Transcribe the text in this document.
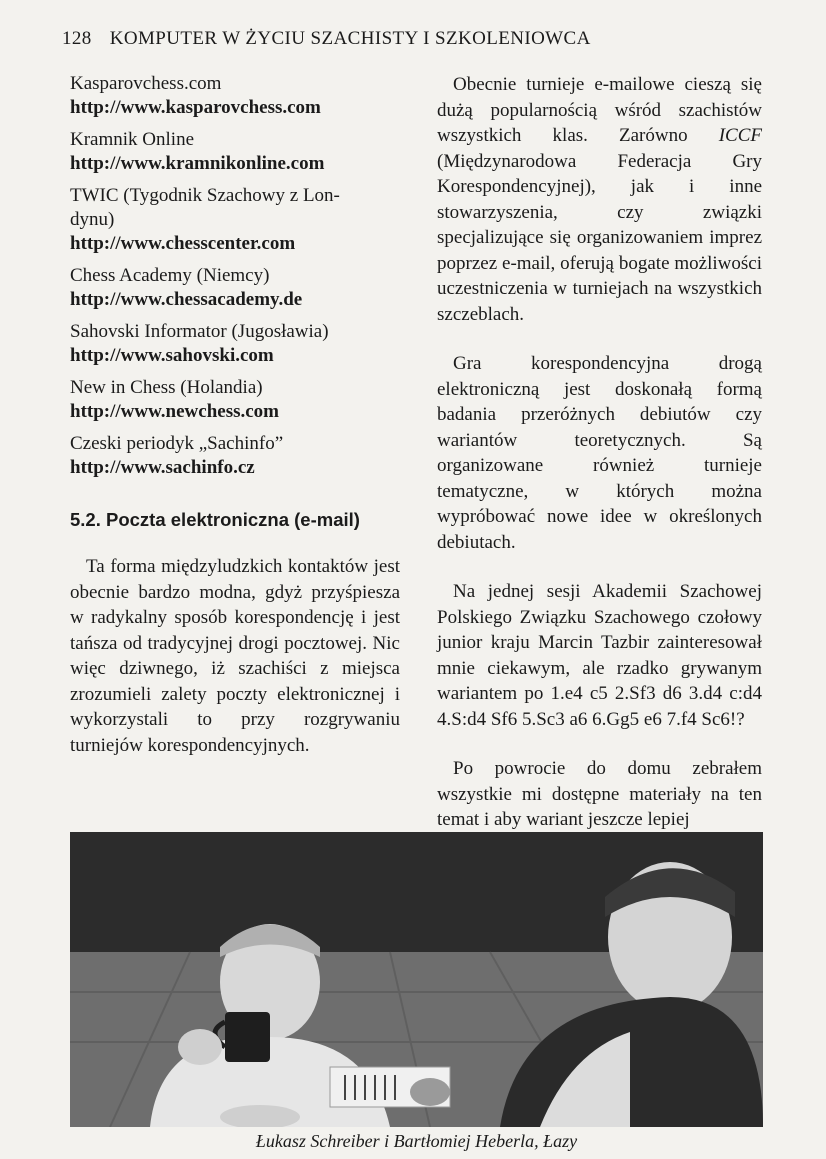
128 KOMPUTER W ŻYCIU SZACHISTY I SZKOLENIOWCA
Kasparovchess.com
http://www.kasparovchess.com
Kramnik Online
http://www.kramnikonline.com
TWIC (Tygodnik Szachowy z Lon-dynu)
http://www.chesscenter.com
Chess Academy (Niemcy)
http://www.chessacademy.de
Sahovski Informator (Jugosławia)
http://www.sahovski.com
New in Chess (Holandia)
http://www.newchess.com
Czeski periodyk „Sachinfo”
http://www.sachinfo.cz
5.2. Poczta elektroniczna (e-mail)

Ta forma międzyludzkich kontaktów jest obecnie bardzo modna, gdyż przyśpiesza w radykalny sposób korespondencję i jest tańsza od tradycyjnej drogi pocztowej. Nic więc dziwnego, iż szachiści z miejsca zrozumieli zalety poczty elektronicznej i wykorzystali to przy rozgrywaniu turniejów korespondencyjnych.

Obecnie turnieje e-mailowe cieszą się dużą popularnością wśród szachistów wszystkich klas. Zarówno ICCF (Międzynarodowa Federacja Gry Korespondencyjnej), jak i inne stowarzyszenia, czy związki specjalizujące się organizowaniem imprez poprzez e-mail, oferują bogate możliwości uczestniczenia w turniejach na wszystkich szczeblach.

Gra korespondencyjna drogą elektroniczną jest doskonałą formą badania przeróżnych debiutów czy wariantów teoretycznych. Są organizowane również turnieje tematyczne, w których można wypróbować nowe idee w określonych debiutach.

Na jednej sesji Akademii Szachowej Polskiego Związku Szachowego czołowy junior kraju Marcin Tazbir zainteresował mnie ciekawym, ale rzadko grywanym wariantem po 1.e4 c5 2.Sf3 d6 3.d4 c:d4 4.S:d4 Sf6 5.Sc3 a6 6.Gg5 e6 7.f4 Sc6!?

Po powrocie do domu zebrałem wszystkie mi dostępne materiały na ten temat i aby wariant jeszcze lepiej

Łukasz Schreiber i Bartłomiej Heberla, Łazy
